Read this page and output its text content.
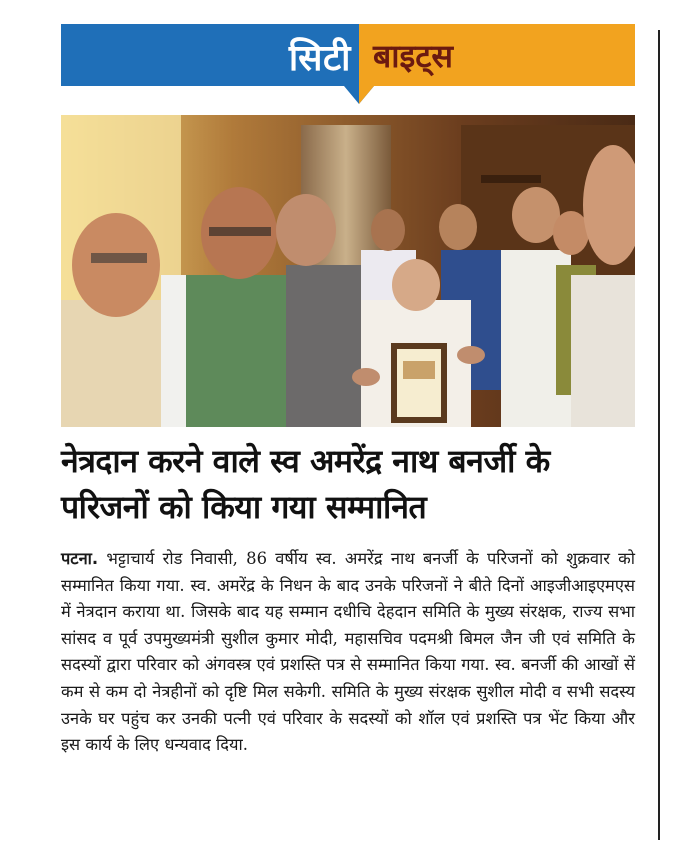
सिटी बाइट्स
नेत्रदान करने वाले स्व अमरेंद्र नाथ बनर्जी के
परिजनों को किया गया सम्मानित
पटना. भट्टाचार्य रोड निवासी, 86 वर्षीय स्व. अमरेंद्र नाथ बनर्जी के परिजनों को शुक्रवार को सम्मानित किया गया. स्व. अमरेंद्र के निधन के बाद उनके परिजनों ने बीते दिनों आइजीआइएमएस में नेत्रदान कराया था. जिसके बाद यह सम्मान दधीचि देहदान समिति के मुख्य संरक्षक, राज्य सभा सांसद व पूर्व उपमुख्यमंत्री सुशील कुमार मोदी, महासचिव पदमश्री बिमल जैन जी एवं समिति के सदस्यों द्वारा परिवार को अंगवस्त्र एवं प्रशस्ति पत्र से सम्मानित किया गया. स्व. बनर्जी की आखों सें कम से कम दो नेत्रहीनों को दृष्टि मिल सकेगी. समिति के मुख्य संरक्षक सुशील मोदी व सभी सदस्य उनके घर पहुंच कर उनकी पत्नी एवं परिवार के सदस्यों को शॉल एवं प्रशस्ति पत्र भेंट किया और इस कार्य के लिए धन्यवाद दिया.
